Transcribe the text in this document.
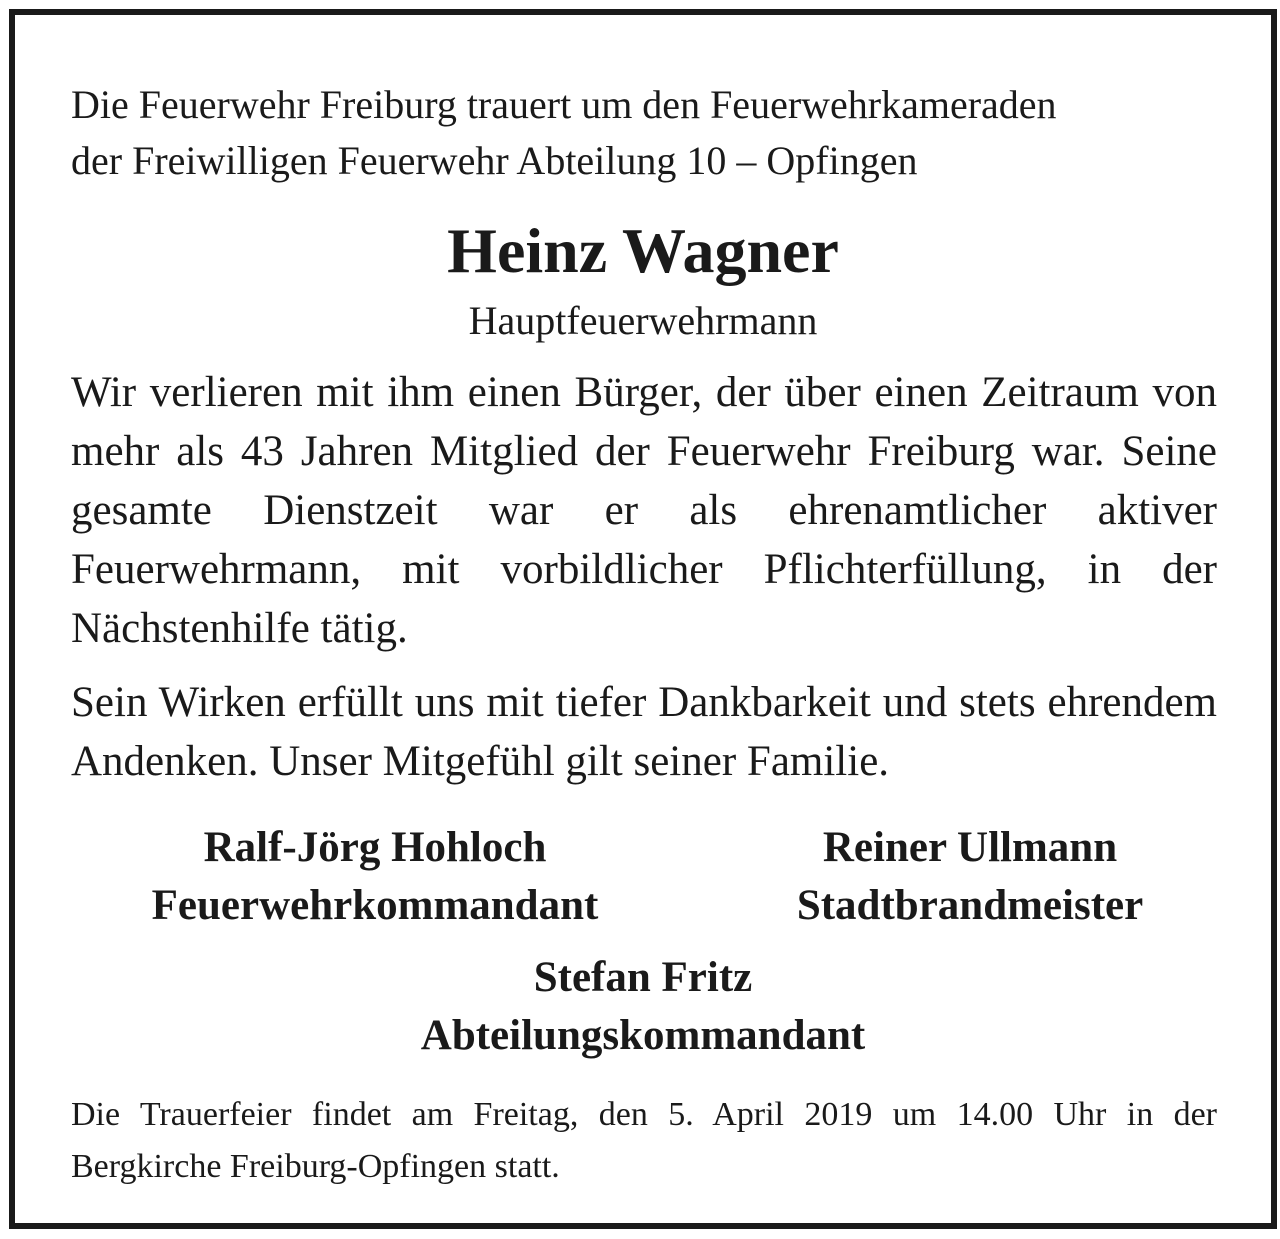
Die Feuerwehr Freiburg trauert um den Feuerwehrkameraden
der Freiwilligen Feuerwehr Abteilung 10 – Opfingen
Heinz Wagner
Hauptfeuerwehrmann
Wir verlieren mit ihm einen Bürger, der über einen Zeitraum von mehr als 43 Jahren Mitglied der Feuerwehr Freiburg war. Seine gesamte Dienstzeit war er als ehrenamtlicher aktiver Feuerwehrmann, mit vorbildlicher Pflichterfüllung, in der Nächstenhilfe tätig.
Sein Wirken erfüllt uns mit tiefer Dankbarkeit und stets ehrendem Andenken. Unser Mitgefühl gilt seiner Familie.
Ralf-Jörg Hohloch
Feuerwehrkommandant
Reiner Ullmann
Stadtbrandmeister
Stefan Fritz
Abteilungskommandant
Die Trauerfeier findet am Freitag, den 5. April 2019 um 14.00 Uhr in der Bergkirche Freiburg-Opfingen statt.
